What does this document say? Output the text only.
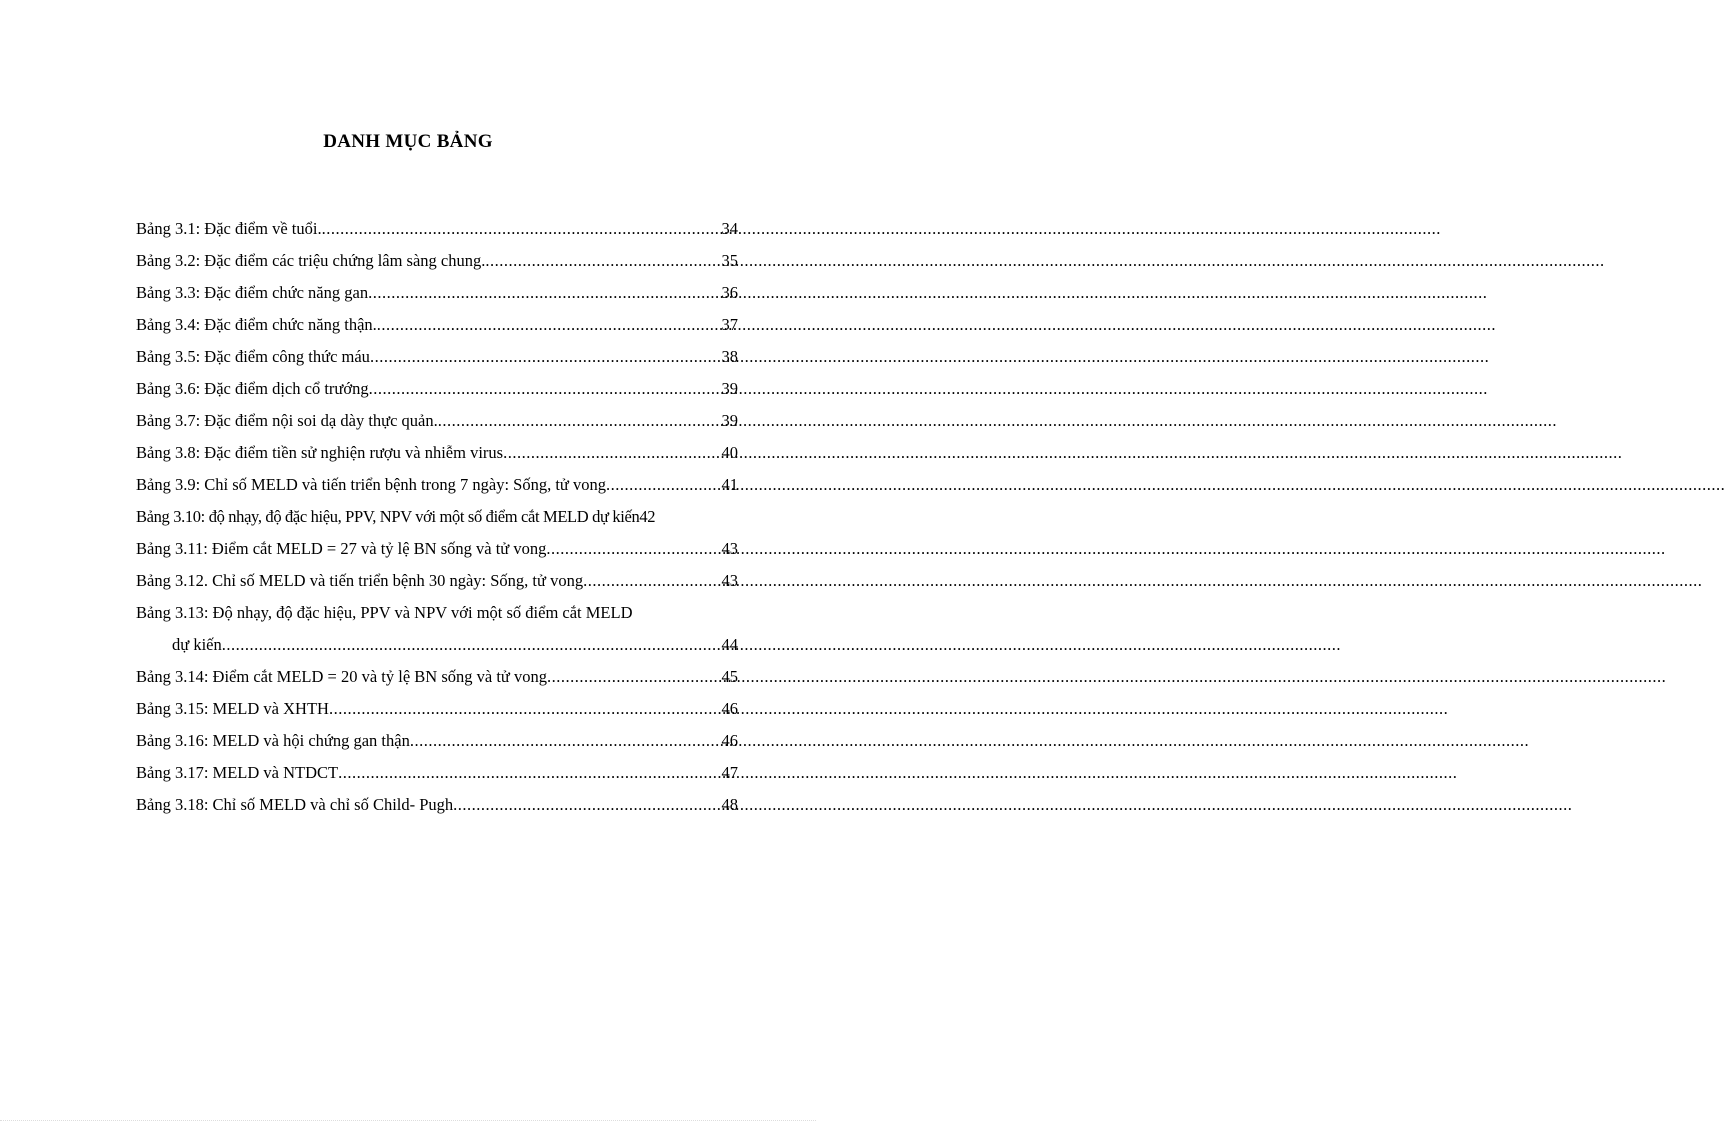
DANH MỤC BẢNG
Bảng 3.1: Đặc điểm về tuổi. .....	34
Bảng 3.2: Đặc điểm các triệu chứng lâm sàng chung. .....	35
Bảng 3.3: Đặc điểm chức năng gan .....	36
Bảng 3.4: Đặc điểm chức năng thận. .....	37
Bảng 3.5: Đặc điểm công thức máu .....	38
Bảng 3.6: Đặc điểm dịch cổ trướng .....	39
Bảng 3.7: Đặc điểm nội soi dạ dày thực quản. .....	39
Bảng 3.8: Đặc điểm tiền sử nghiện rượu và nhiễm virus .....	40
Bảng 3.9: Chỉ số MELD và tiến triển bệnh trong 7 ngày: Sống, tử vong .....	41
Bảng 3.10: độ nhạy, độ đặc hiệu, PPV, NPV với một số điểm cắt MELD dự kiến 42
Bảng 3.11: Điểm cắt MELD = 27 và tỷ lệ BN sống và tử vong .....	43
Bảng 3.12. Chỉ số MELD và tiến triển bệnh 30 ngày: Sống, tử vong .....	43
Bảng 3.13: Độ nhạy, độ đặc hiệu, PPV và NPV với một số điểm cắt MELD
dự kiến .....	44
Bảng 3.14: Điểm cắt MELD = 20 và tỷ lệ BN sống và tử vong .....	45
Bảng 3.15: MELD và XHTH .....	46
Bảng 3.16: MELD và hội chứng gan thận .....	46
Bảng 3.17: MELD và NTDCT .....	47
Bảng 3.18: Chỉ số MELD và chỉ số Child- Pugh .....	48
